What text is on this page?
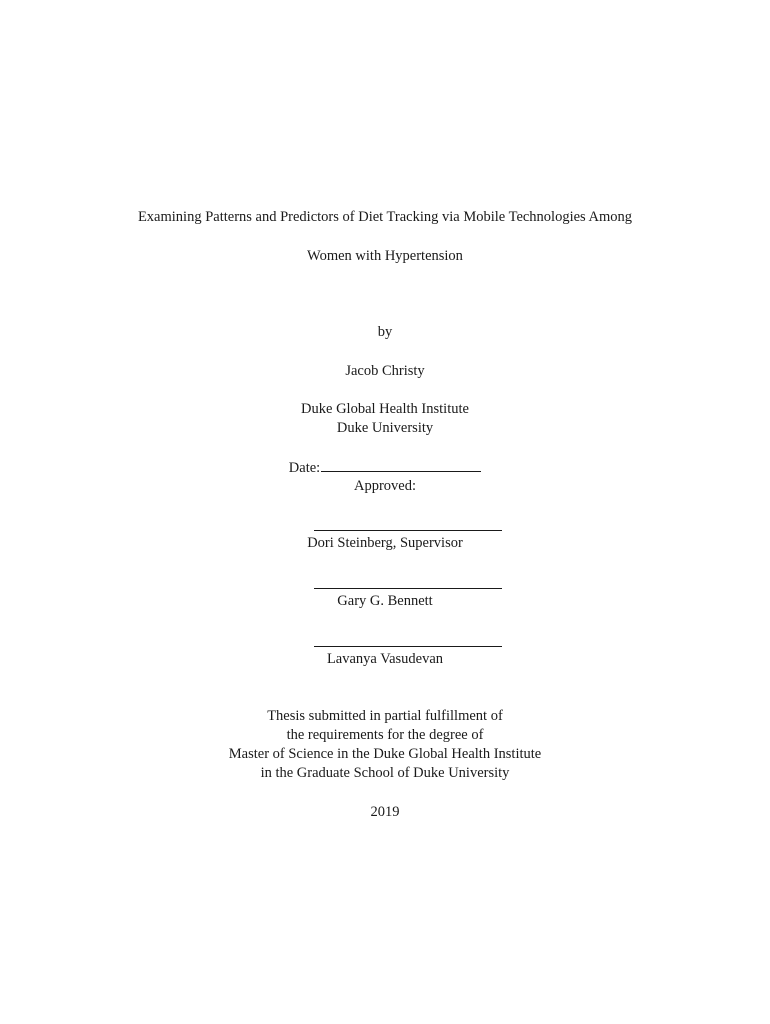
Examining Patterns and Predictors of Diet Tracking via Mobile Technologies Among
Women with Hypertension
by
Jacob Christy
Duke Global Health Institute
Duke University
Date:
Approved:
Dori Steinberg, Supervisor
Gary G. Bennett
Lavanya Vasudevan
Thesis submitted in partial fulfillment of
the requirements for the degree of
Master of Science in the Duke Global Health Institute
in the Graduate School of Duke University
2019
